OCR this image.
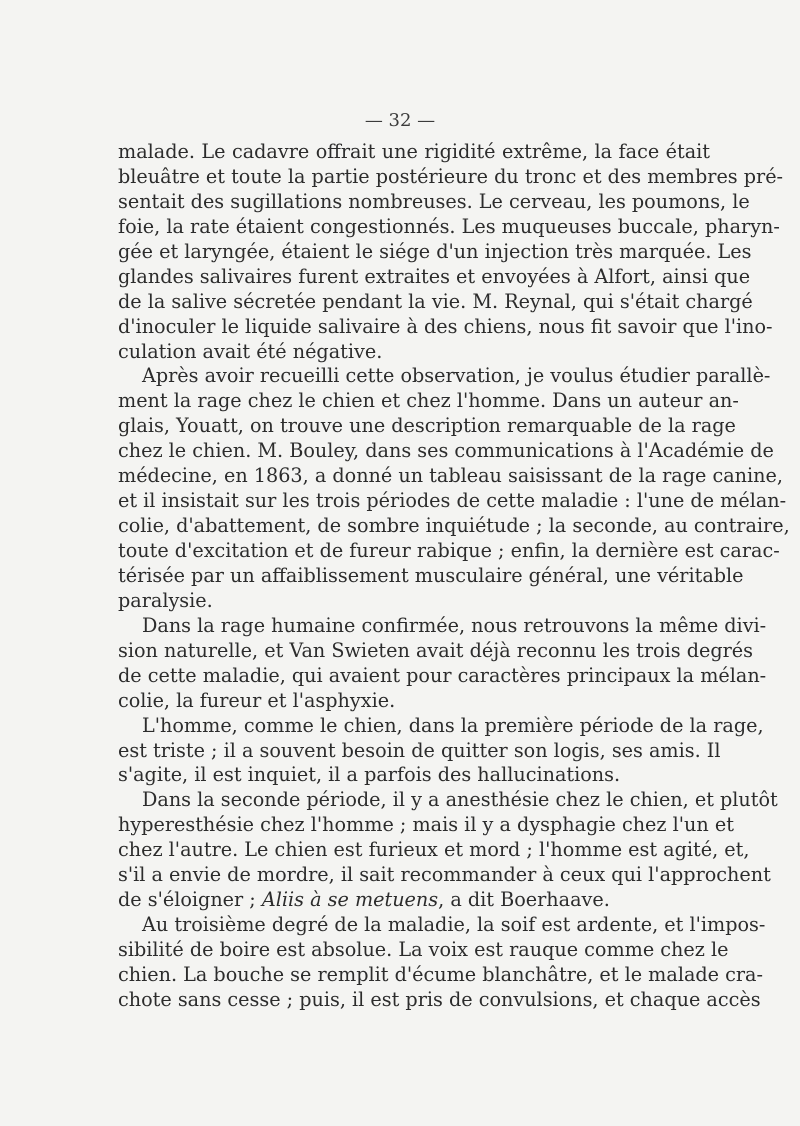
— 32 —
malade. Le cadavre offrait une rigidité extrême, la face était
bleuâtre et toute la partie postérieure du tronc et des membres pré-
sentait des sugillations nombreuses. Le cerveau, les poumons, le
foie, la rate étaient congestionnés. Les muqueuses buccale, pharyn-
gée et laryngée, étaient le siége d'un injection très marquée. Les
glandes salivaires furent extraites et envoyées à Alfort, ainsi que
de la salive sécretée pendant la vie. M. Reynal, qui s'était chargé
d'inoculer le liquide salivaire à des chiens, nous fit savoir que l'ino-
culation avait été négative.
Après avoir recueilli cette observation, je voulus étudier parallè-
ment la rage chez le chien et chez l'homme. Dans un auteur an-
glais, Youatt, on trouve une description remarquable de la rage
chez le chien. M. Bouley, dans ses communications à l'Académie de
médecine, en 1863, a donné un tableau saisissant de la rage canine,
et il insistait sur les trois périodes de cette maladie : l'une de mélan-
colie, d'abattement, de sombre inquiétude ; la seconde, au contraire,
toute d'excitation et de fureur rabique ; enfin, la dernière est carac-
térisée par un affaiblissement musculaire général, une véritable
paralysie.
Dans la rage humaine confirmée, nous retrouvons la même divi-
sion naturelle, et Van Swieten avait déjà reconnu les trois degrés
de cette maladie, qui avaient pour caractères principaux la mélan-
colie, la fureur et l'asphyxie.
L'homme, comme le chien, dans la première période de la rage,
est triste ; il a souvent besoin de quitter son logis, ses amis. Il
s'agite, il est inquiet, il a parfois des hallucinations.
Dans la seconde période, il y a anesthésie chez le chien, et plutôt
hyperesthésie chez l'homme ; mais il y a dysphagie chez l'un et
chez l'autre. Le chien est furieux et mord ; l'homme est agité, et,
s'il a envie de mordre, il sait recommander à ceux qui l'approchent
de s'éloigner ; Aliis à se metuens, a dit Boerhaave.
Au troisième degré de la maladie, la soif est ardente, et l'impos-
sibilité de boire est absolue. La voix est rauque comme chez le
chien. La bouche se remplit d'écume blanchâtre, et le malade cra-
chote sans cesse ; puis, il est pris de convulsions, et chaque accès
